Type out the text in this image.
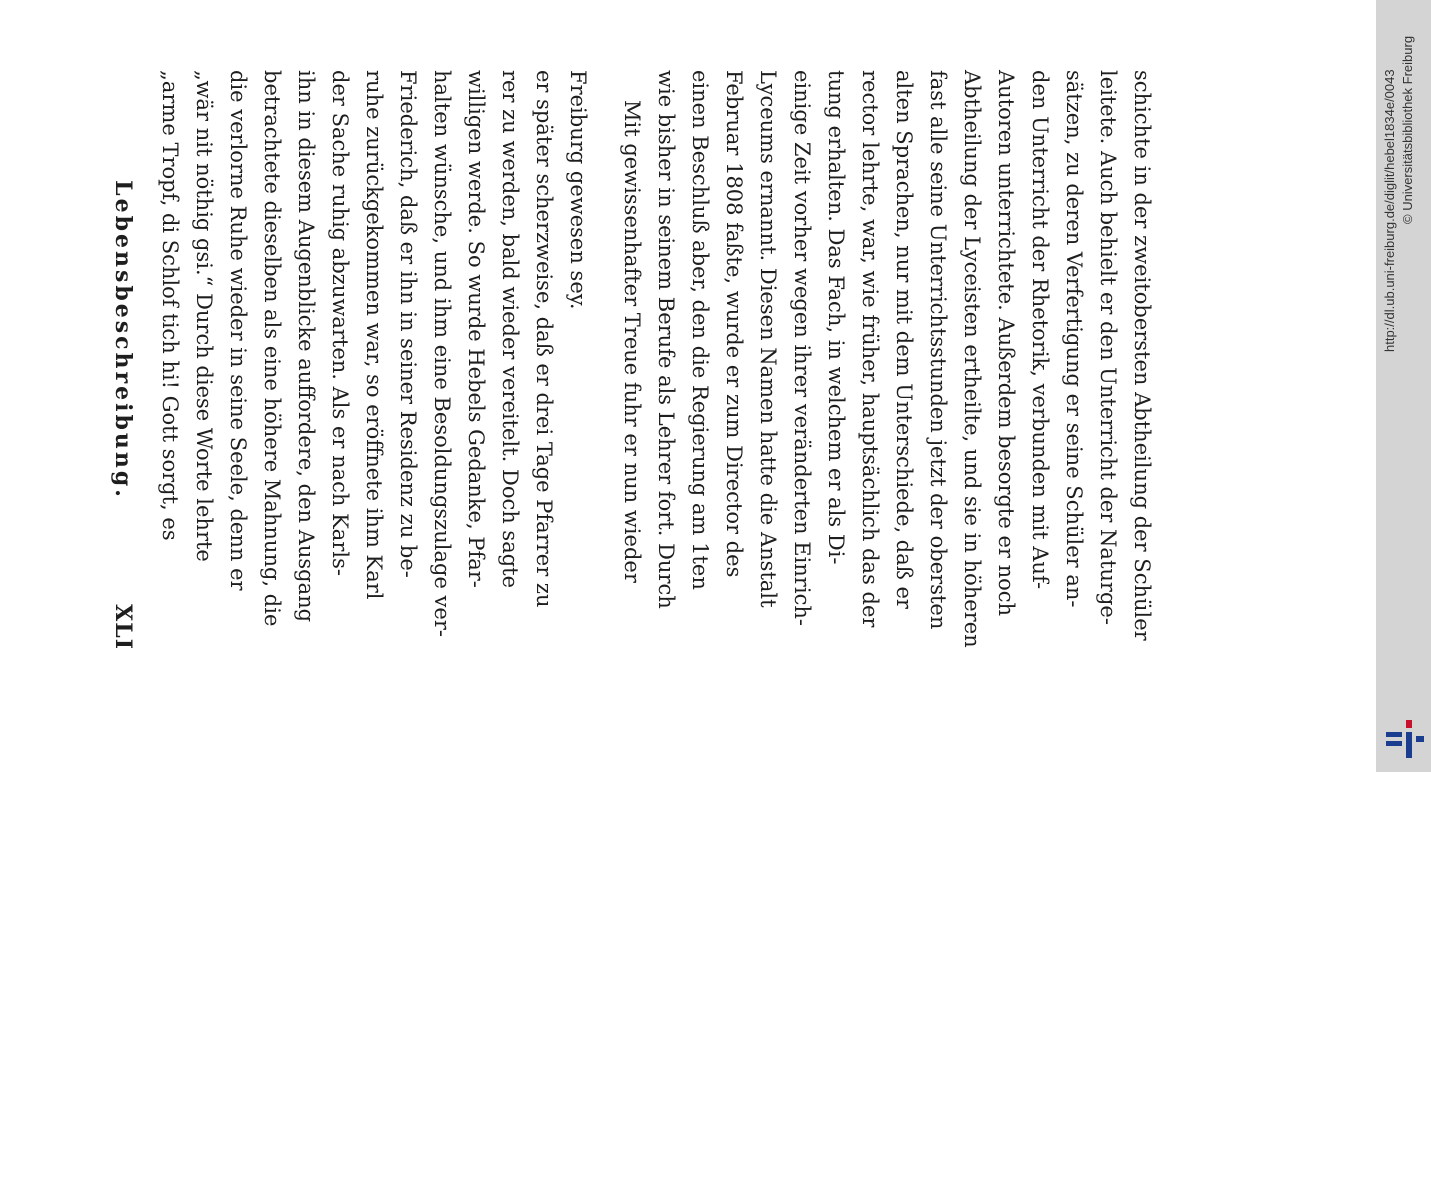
„arme Tropf, di Schlof tich hi! Gott sorgt, es „wär nit nöthig gsi.“ Durch diese Worte lehrte die verlorne Ruhe wieder in seine Seele, denn er betrachtete dieselben als eine höhere Mahnung, die ihn in diesem Augenblicke auffordere, den Ausgang der Sache ruhig abzuwarten. Als er nach Karls- ruhe zurückgekommen war, so eröffnete ihm Karl Friederich, daß er ihn in seiner Residenz zu be- halten wünsche, und ihm eine Besoldungszulage ver- willigen werde. So wurde Hebels Gedanke, Pfar- rer zu werden, bald wieder vereitelt. Doch sagte er später scherzweise, daß er drei Tage Pfarrer zu Freiburg gewesen sey. Mit gewissenhafter Treue fuhr er nun wieder wie bisher in seinem Berufe als Lehrer fort. Durch einen Beschluß aber, den die Regierung am 1ten Februar 1808 faßte, wurde er zum Director des Lyceums ernannt. Diesen Namen hatte die Anstalt einige Zeit vorher wegen ihrer veränderten Einrich- tung erhalten. Das Fach, in welchem er als Di- rector lehrte, war, wie früher, hauptsächlich das der alten Sprachen, nur mit dem Unterschiede, daß er fast alle seine Unterrichtsstunden jetzt der obersten Abtheilung der Lyceisten ertheilte, und sie in höheren Autoren unterrichtete. Außerdem besorgte er noch den Unterricht der Rhetorik, verbunden mit Auf- sätzen, zu deren Verfertigung er seine Schüler an- leitete. Auch behielt er den Unterricht der Naturge- schichte in der zweitobersten Abtheilung der Schüler
Lebensbeschreibung.
XLI
http://dl.ub.uni-freiburg.de/diglit/hebel1834e/0043 © Universitätsbibliothek Freiburg
